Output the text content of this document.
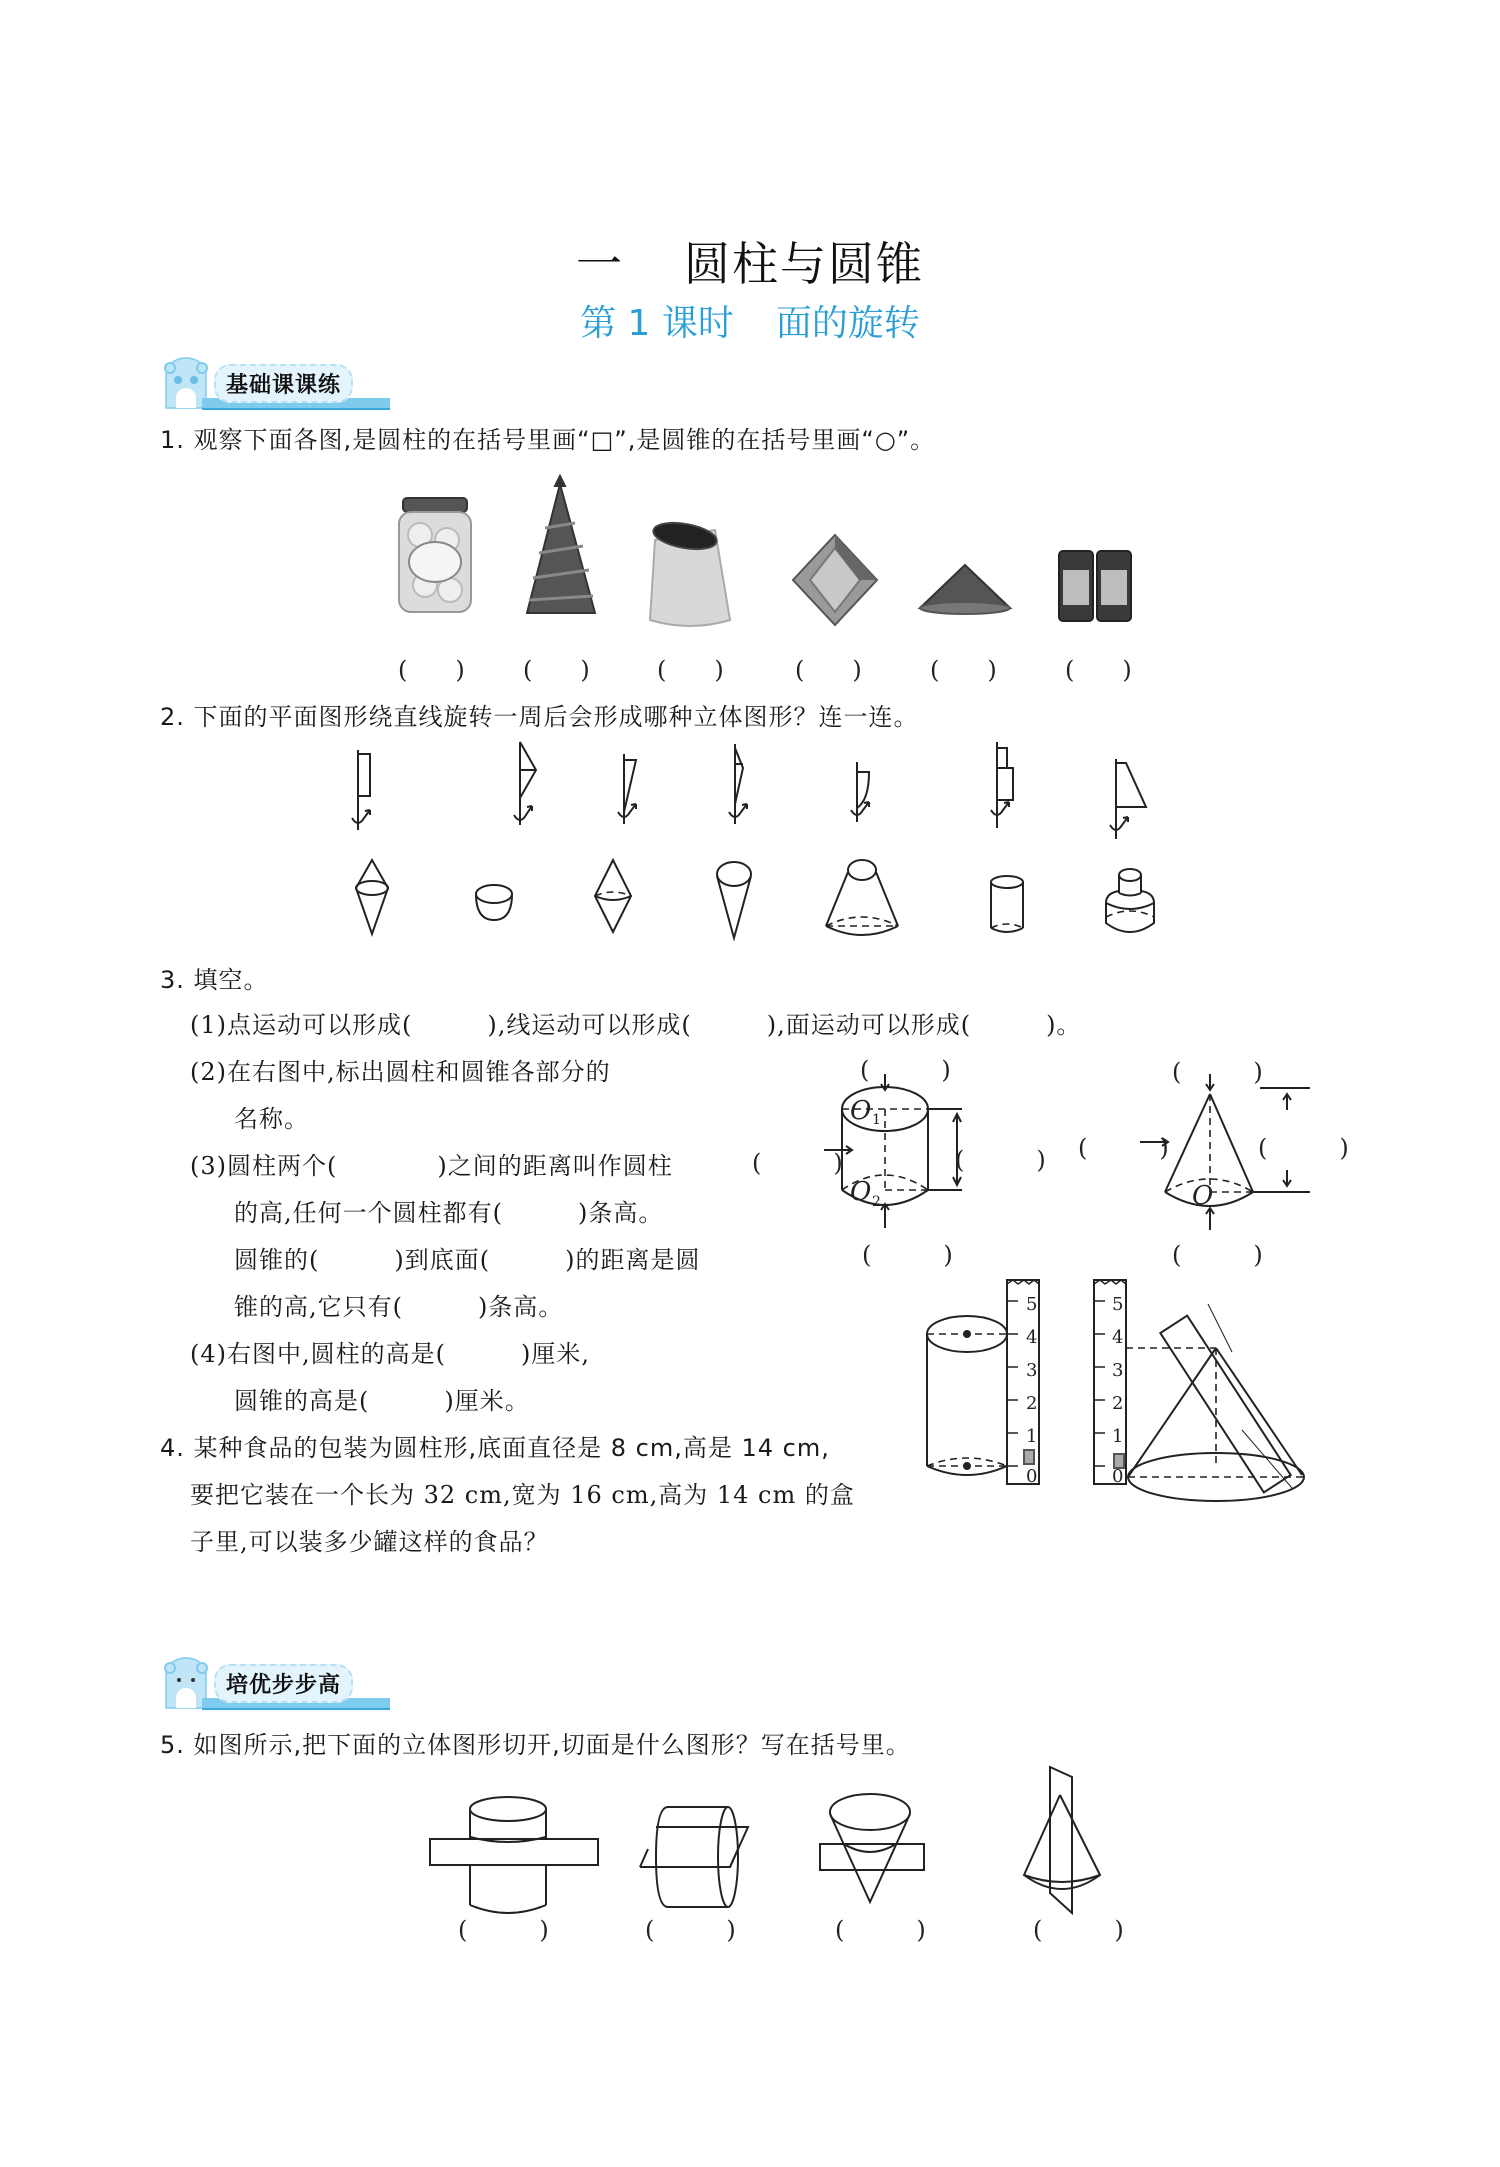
一 圆柱与圆锥
第 1 课时 面的旋转
基础课课练
1. 观察下面各图,是圆柱的在括号里画“□”,是圆锥的在括号里画“○”。
(　　) (　　)	(　　)	(　　)	(　　)	(　　)
2. 下面的平面图形绕直线旋转一周后会形成哪种立体图形？连一连。
3. 填空。
(1)点运动可以形成(　　　),线运动可以形成(　　　),面运动可以形成(　　　)。
(2)在右图中,标出圆柱和圆锥各部分的
名称。
(3)圆柱两个(　　　　)之间的距离叫作圆柱
的高,任何一个圆柱都有(　　　)条高。
圆锥的(　　　)到底面(　　　)的距离是圆
锥的高,它只有(　　　)条高。
(4)右图中,圆柱的高是(　　　)厘米,
圆锥的高是(　　　)厘米。
(　　　)
(　　　)	(　　　)
(　　　)
O 1
O 2
(　　　)
(　　　)	(　　　)
(　　　)
O
0
1
2
3
4
5
0
1
2
3
4
5
4. 某种食品的包装为圆柱形,底面直径是 8 cm,高是 14 cm,
要把它装在一个长为 32 cm,宽为 16 cm,高为 14 cm 的盒
子里,可以装多少罐这样的食品？
培优步步高
5. 如图所示,把下面的立体图形切开,切面是什么图形？写在括号里。
(　　　)	(　　　)	(　　　)	(　　　)
